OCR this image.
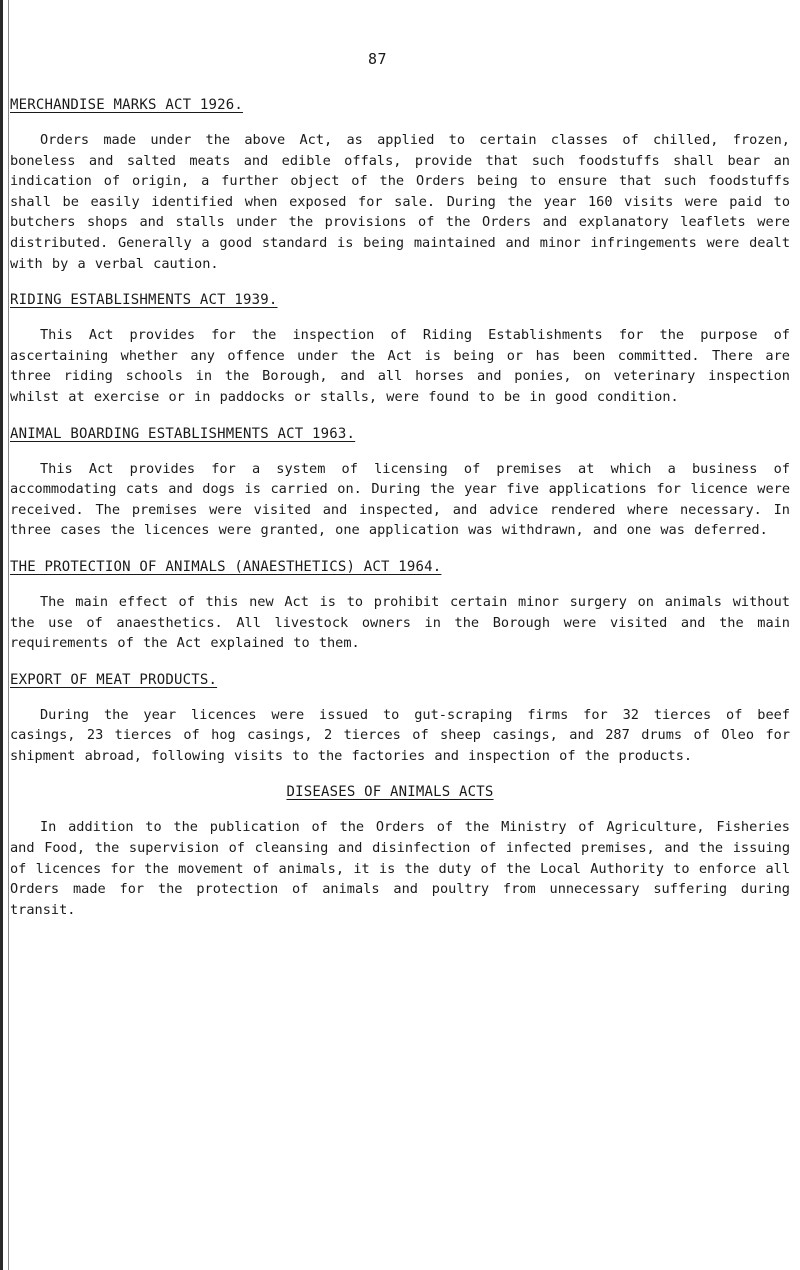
87

MERCHANDISE MARKS ACT 1926.

Orders made under the above Act, as applied to certain classes of chilled, frozen, boneless and salted meats and edible offals, provide that such foodstuffs shall bear an indication of origin, a further object of the Orders being to ensure that such foodstuffs shall be easily identified when exposed for sale. During the year 160 visits were paid to butchers shops and stalls under the provisions of the Orders and explanatory leaflets were distributed. Generally a good standard is being maintained and minor infringements were dealt with by a verbal caution.

RIDING ESTABLISHMENTS ACT 1939.

This Act provides for the inspection of Riding Establishments for the purpose of ascertaining whether any offence under the Act is being or has been committed. There are three riding schools in the Borough, and all horses and ponies, on veterinary inspection whilst at exercise or in paddocks or stalls, were found to be in good condition.

ANIMAL BOARDING ESTABLISHMENTS ACT 1963.

This Act provides for a system of licensing of premises at which a business of accommodating cats and dogs is carried on. During the year five applications for licence were received. The premises were visited and inspected, and advice rendered where necessary. In three cases the licences were granted, one application was withdrawn, and one was deferred.

THE PROTECTION OF ANIMALS (ANAESTHETICS) ACT 1964.

The main effect of this new Act is to prohibit certain minor surgery on animals without the use of anaesthetics. All livestock owners in the Borough were visited and the main requirements of the Act explained to them.

EXPORT OF MEAT PRODUCTS.

During the year licences were issued to gut-scraping firms for 32 tierces of beef casings, 23 tierces of hog casings, 2 tierces of sheep casings, and 287 drums of Oleo for shipment abroad, following visits to the factories and inspection of the products.

DISEASES OF ANIMALS ACTS

In addition to the publication of the Orders of the Ministry of Agriculture, Fisheries and Food, the supervision of cleansing and disinfection of infected premises, and the issuing of licences for the movement of animals, it is the duty of the Local Authority to enforce all Orders made for the protection of animals and poultry from unnecessary suffering during transit.
